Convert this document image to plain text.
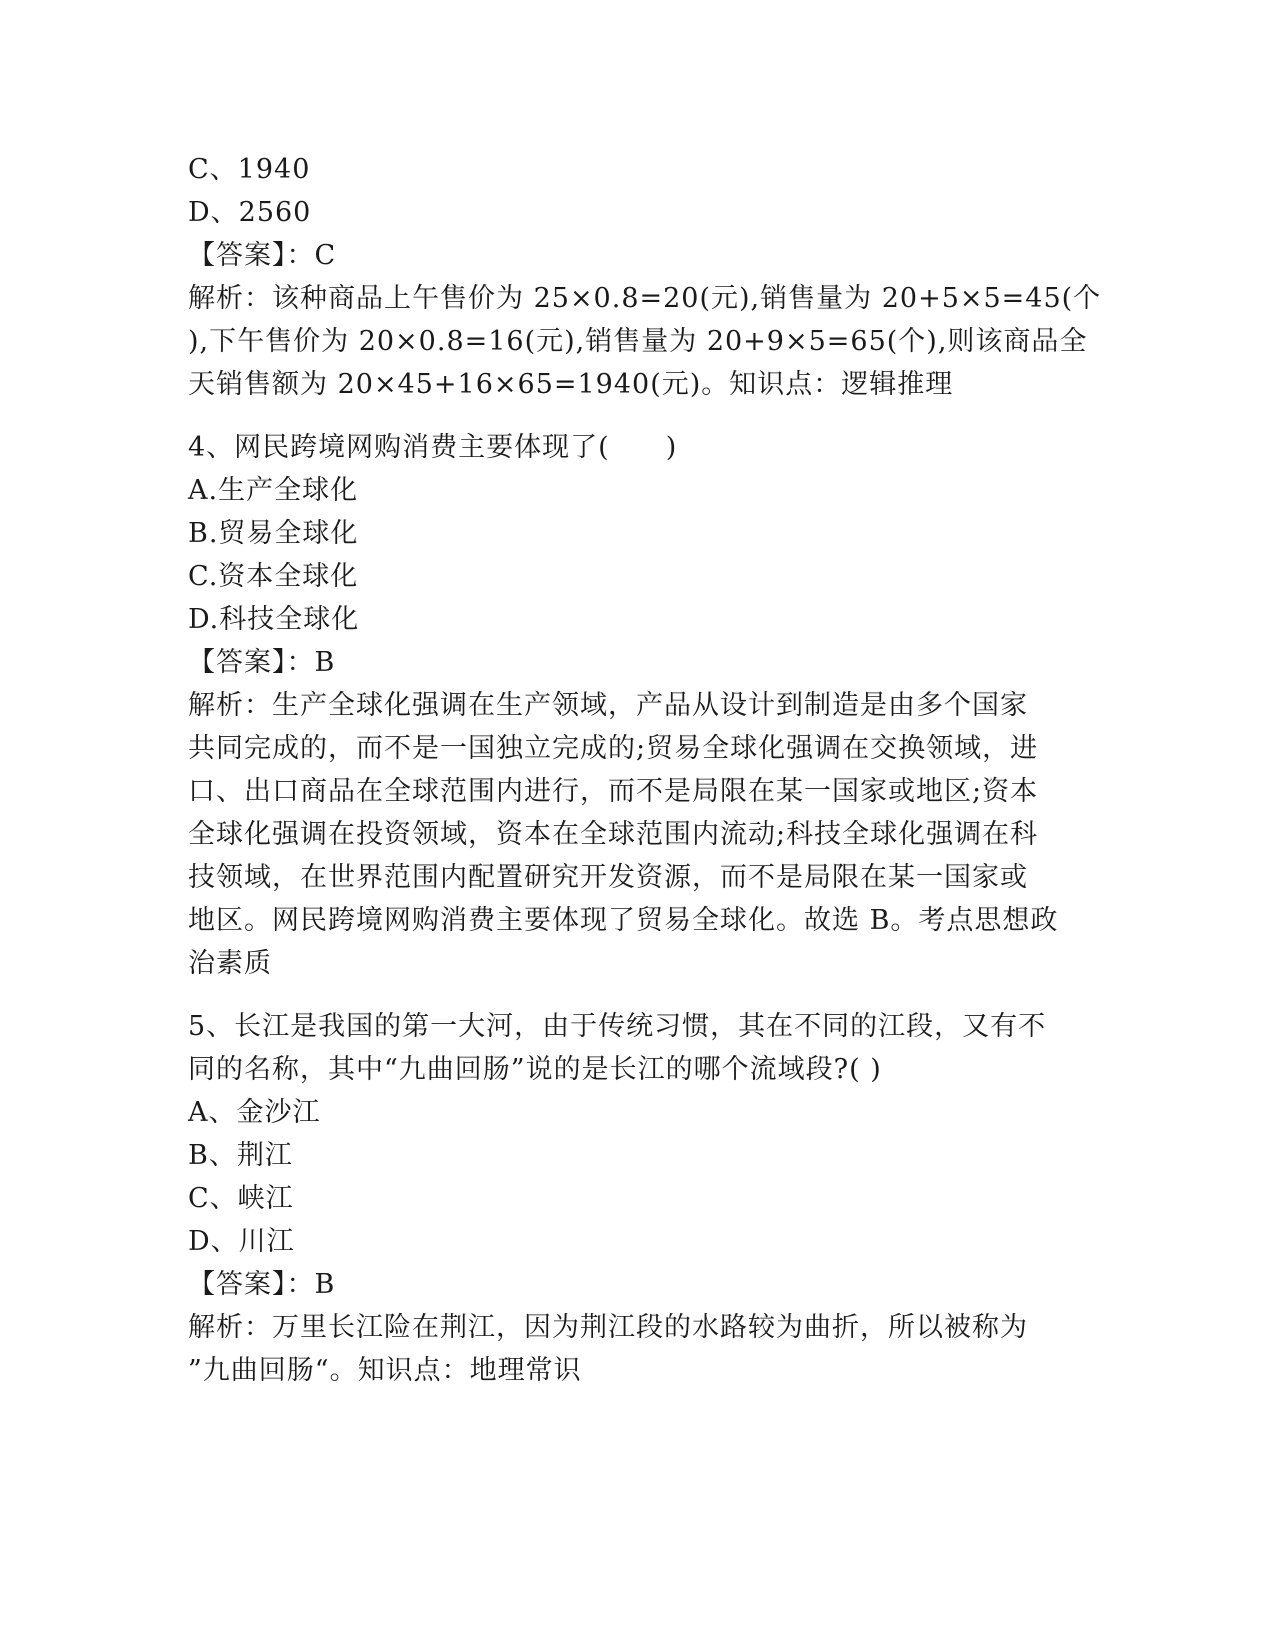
C、1940
D、2560
【答案】：C
解析：该种商品上午售价为 25×0.8=20(元),销售量为 20+5×5=45(个
),下午售价为 20×0.8=16(元),销售量为 20+9×5=65(个),则该商品全
天销售额为 20×45+16×65=1940(元)。知识点：逻辑推理
4、网民跨境网购消费主要体现了(　　)
A.生产全球化
B.贸易全球化
C.资本全球化
D.科技全球化
【答案】：B
解析：生产全球化强调在生产领域，产品从设计到制造是由多个国家
共同完成的，而不是一国独立完成的;贸易全球化强调在交换领域，进
口、出口商品在全球范围内进行，而不是局限在某一国家或地区;资本
全球化强调在投资领域，资本在全球范围内流动;科技全球化强调在科
技领域，在世界范围内配置研究开发资源，而不是局限在某一国家或
地区。网民跨境网购消费主要体现了贸易全球化。故选 B。考点思想政
治素质
5、长江是我国的第一大河，由于传统习惯，其在不同的江段，又有不
同的名称，其中“九曲回肠”说的是长江的哪个流域段?( )
A、金沙江
B、荆江
C、峡江
D、川江
【答案】：B
解析：万里长江险在荆江，因为荆江段的水路较为曲折，所以被称为
”九曲回肠“。知识点：地理常识
